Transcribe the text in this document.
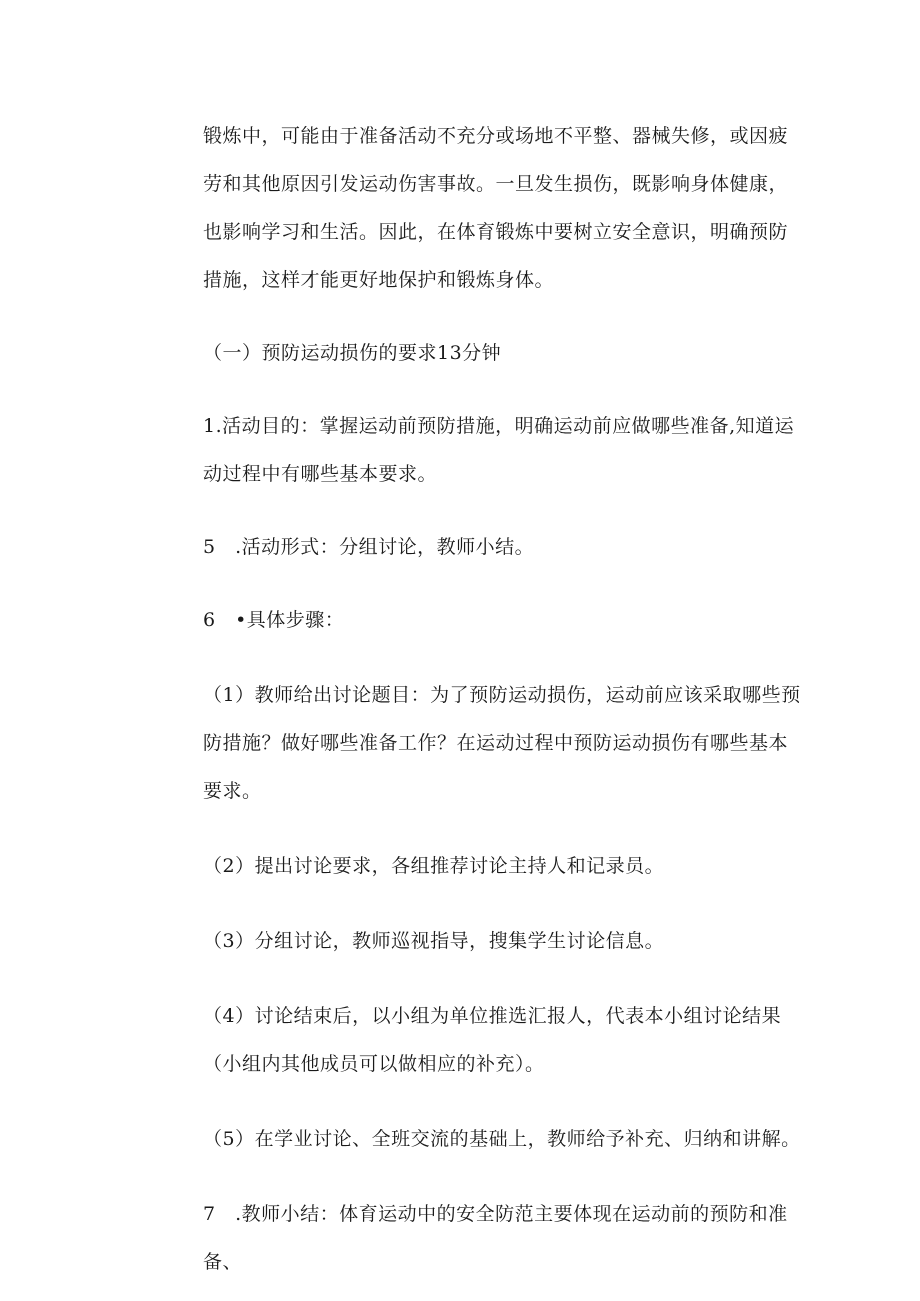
锻炼中，可能由于准备活动不充分或场地不平整、器械失修，或因疲劳和其他原因引发运动伤害事故。一旦发生损伤，既影响身体健康，也影响学习和生活。因此，在体育锻炼中要树立安全意识，明确预防措施，这样才能更好地保护和锻炼身体。

（一）预防运动损伤的要求13分钟

1.活动目的：掌握运动前预防措施，明确运动前应做哪些准备,知道运动过程中有哪些基本要求。

5　.活动形式：分组讨论，教师小结。

6　•具体步骤：

（1）教师给出讨论题目：为了预防运动损伤，运动前应该采取哪些预防措施？做好哪些准备工作？在运动过程中预防运动损伤有哪些基本要求。

（2）提出讨论要求，各组推荐讨论主持人和记录员。

（3）分组讨论，教师巡视指导，搜集学生讨论信息。

（4）讨论结束后，以小组为单位推选汇报人，代表本小组讨论结果（小组内其他成员可以做相应的补充）。

（5）在学业讨论、全班交流的基础上，教师给予补充、归纳和讲解。

7　.教师小结：体育运动中的安全防范主要体现在运动前的预防和准备、
